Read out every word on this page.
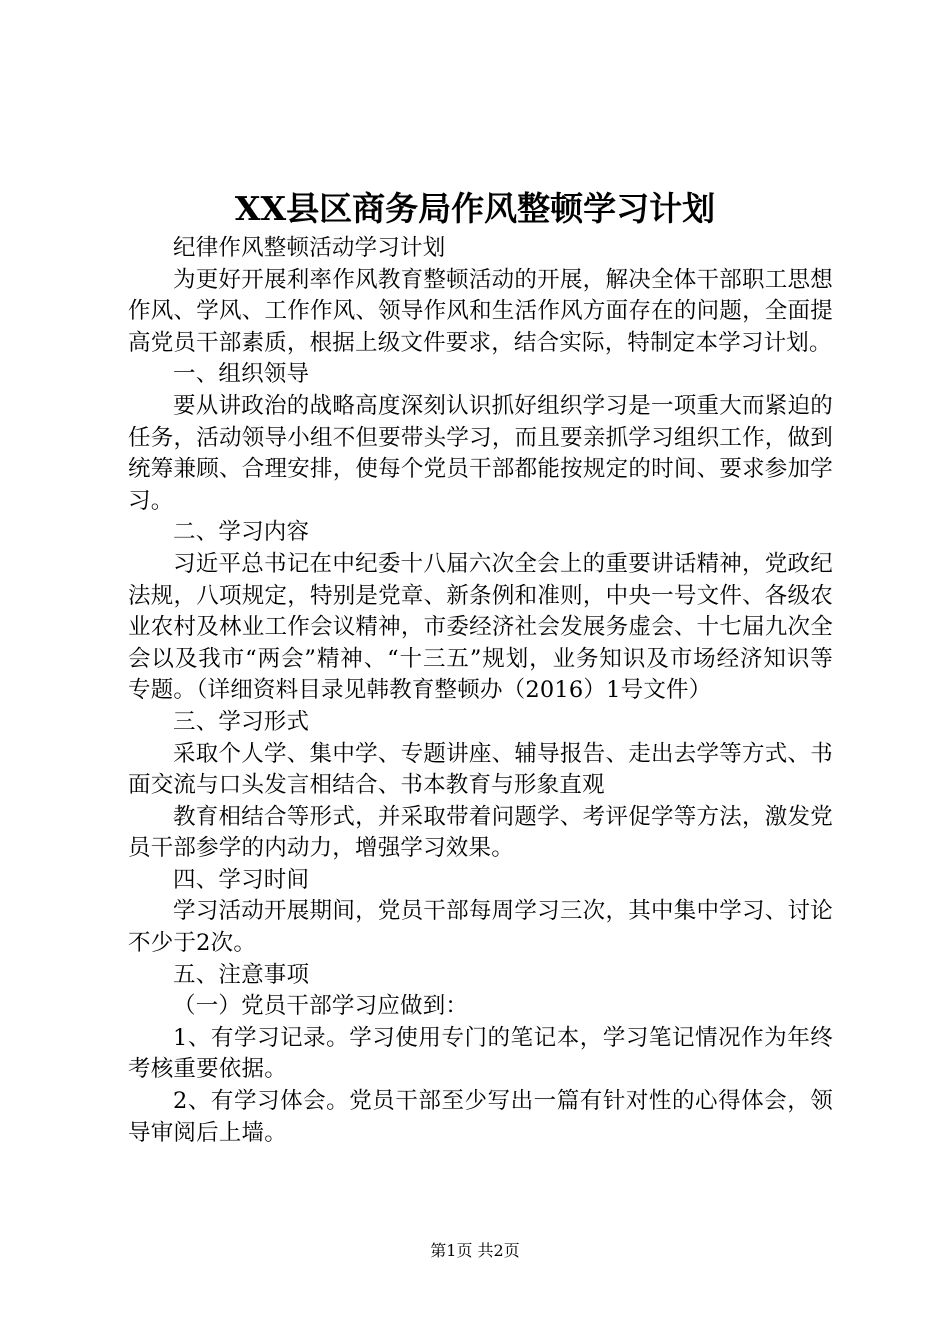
XX县区商务局作风整顿学习计划

纪律作风整顿活动学习计划

为更好开展利率作风教育整顿活动的开展，解决全体干部职工思想作风、学风、工作作风、领导作风和生活作风方面存在的问题，全面提高党员干部素质，根据上级文件要求，结合实际，特制定本学习计划。

一、组织领导

要从讲政治的战略高度深刻认识抓好组织学习是一项重大而紧迫的任务，活动领导小组不但要带头学习，而且要亲抓学习组织工作，做到统筹兼顾、合理安排，使每个党员干部都能按规定的时间、要求参加学习。

二、学习内容

习近平总书记在中纪委十八届六次全会上的重要讲话精神，党政纪法规，八项规定，特别是党章、新条例和准则，中央一号文件、各级农业农村及林业工作会议精神，市委经济社会发展务虚会、十七届九次全会以及我市“两会”精神、“十三五”规划，业务知识及市场经济知识等专题。（详细资料目录见韩教育整顿办（2016）1号文件）

三、学习形式

采取个人学、集中学、专题讲座、辅导报告、走出去学等方式、书面交流与口头发言相结合、书本教育与形象直观

教育相结合等形式，并采取带着问题学、考评促学等方法，激发党员干部参学的内动力，增强学习效果。

四、学习时间

学习活动开展期间，党员干部每周学习三次，其中集中学习、讨论不少于2次。

五、注意事项

（一）党员干部学习应做到：

1、有学习记录。学习使用专门的笔记本，学习笔记情况作为年终考核重要依据。

2、有学习体会。党员干部至少写出一篇有针对性的心得体会，领导审阅后上墙。

第1页 共2页
